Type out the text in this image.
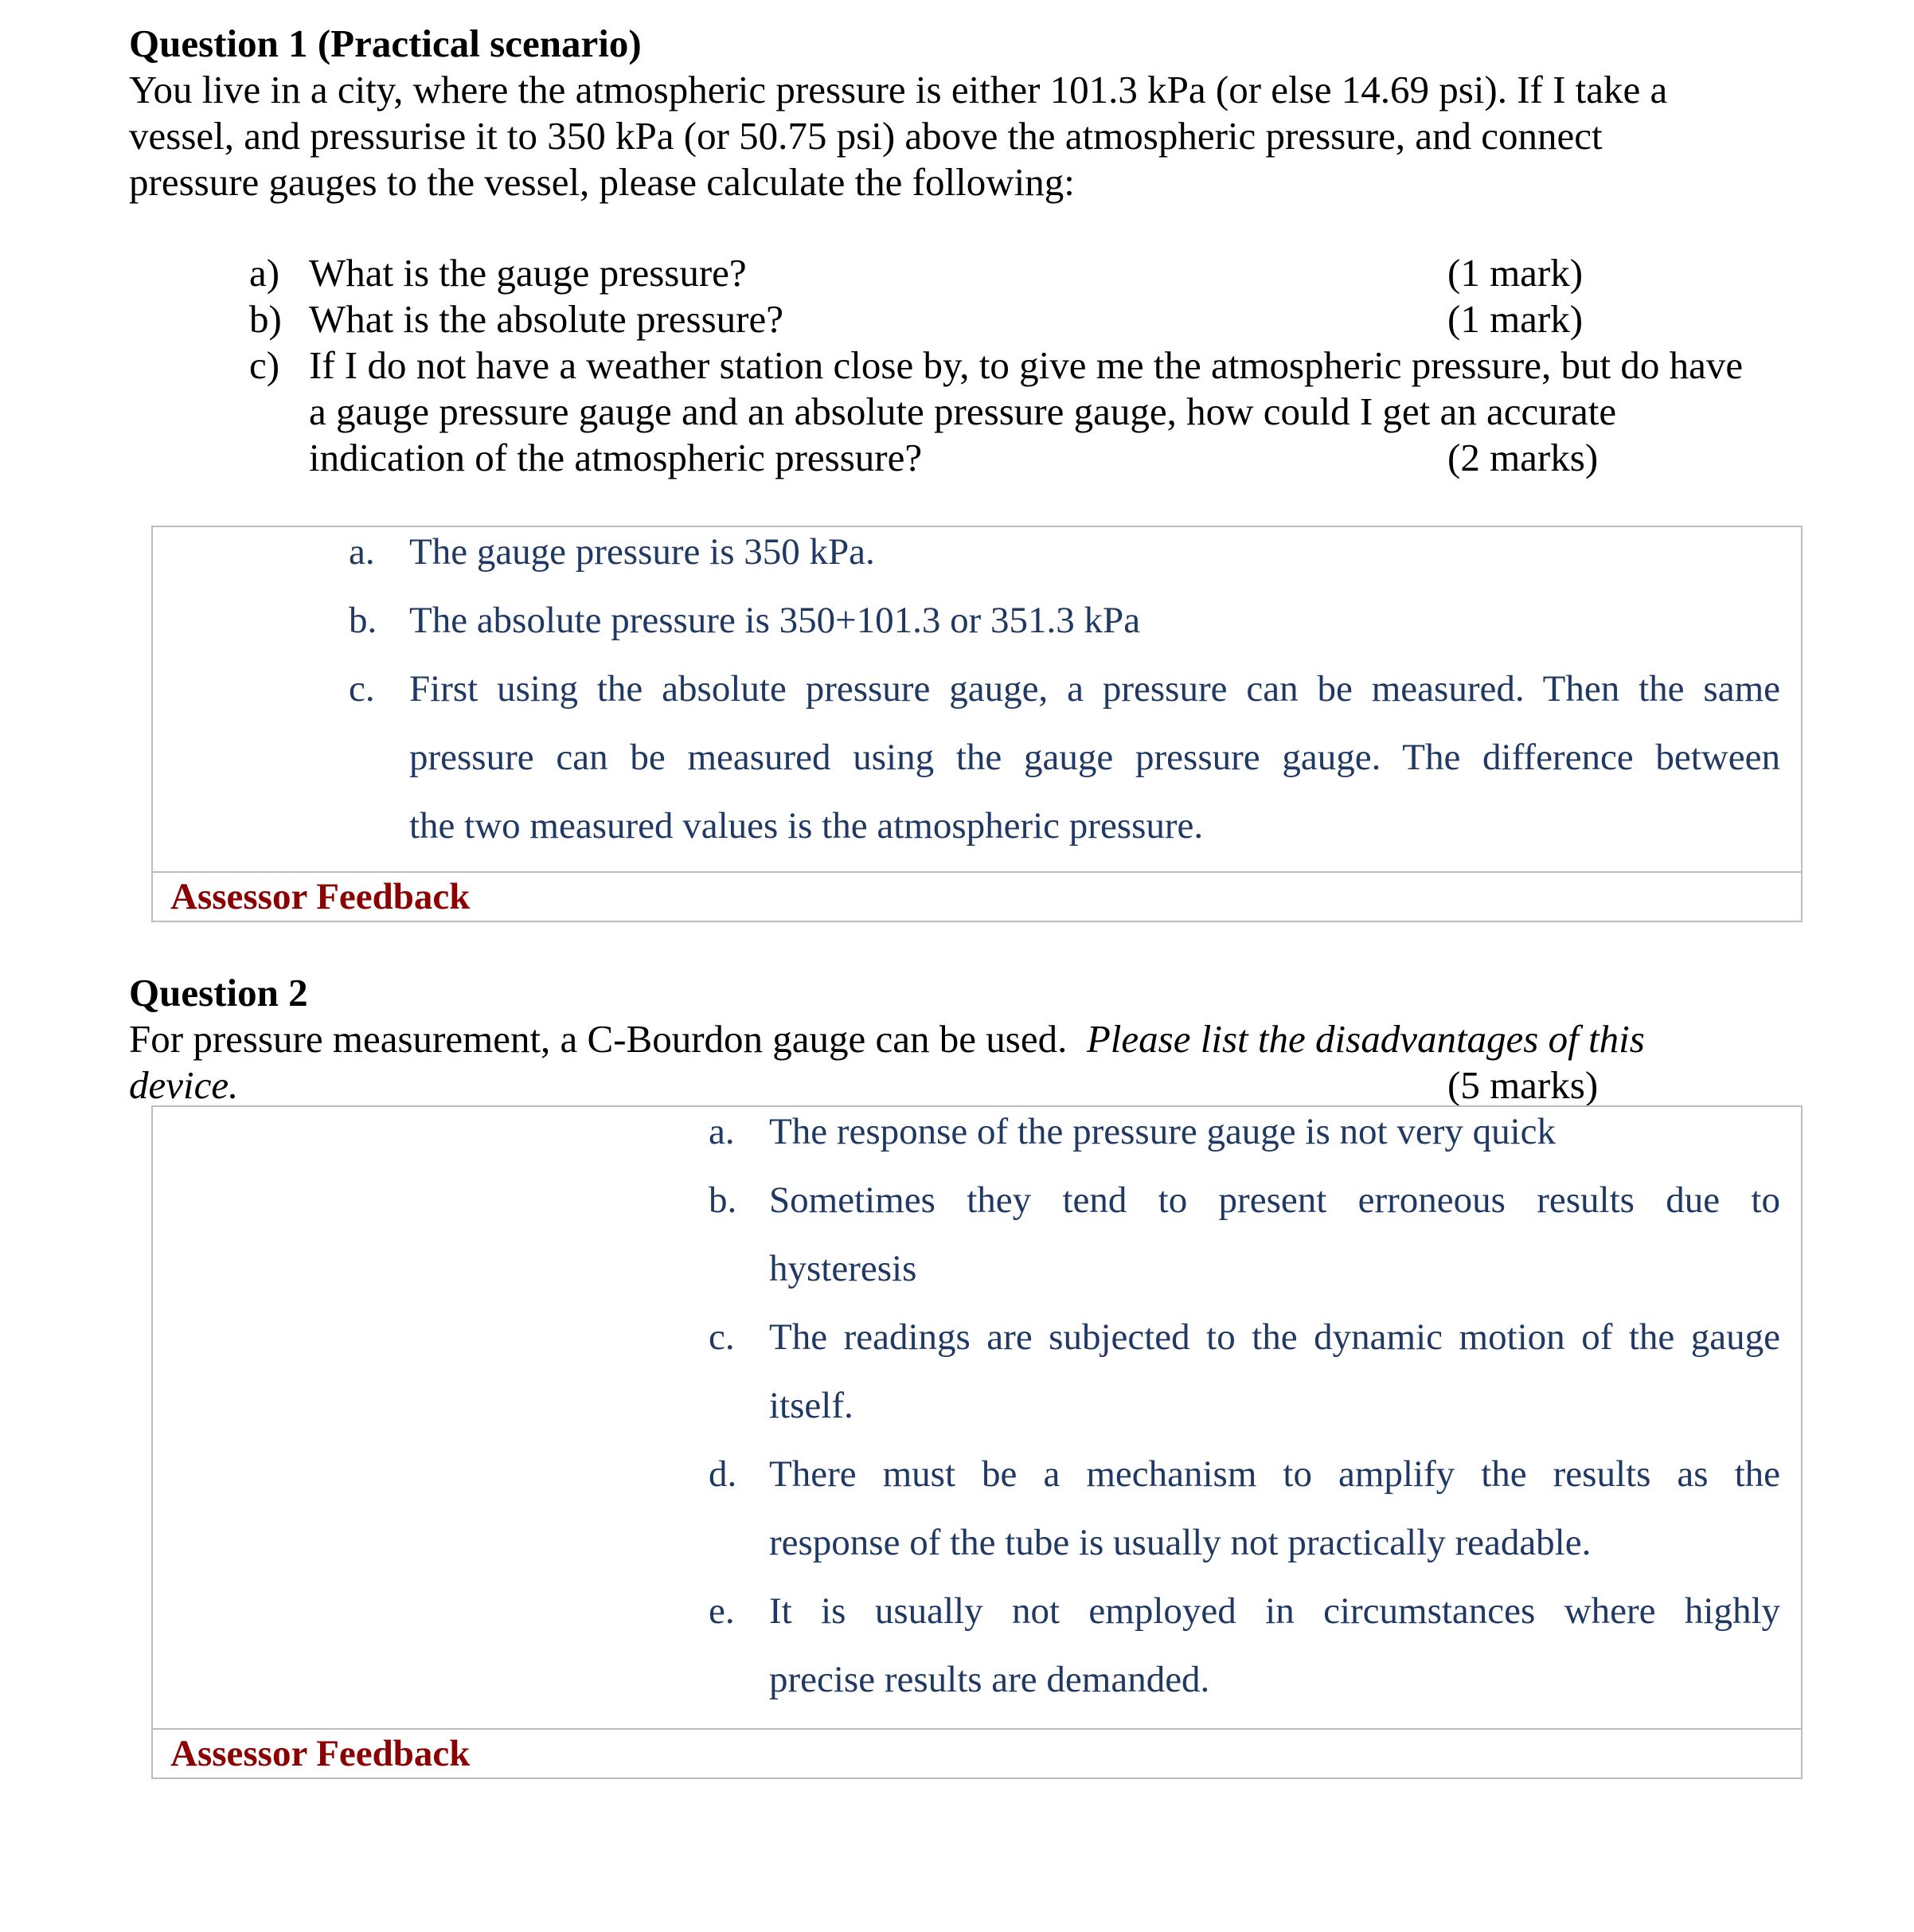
Question 1 (Practical scenario)
You live in a city, where the atmospheric pressure is either 101.3 kPa (or else 14.69 psi). If I take a
vessel, and pressurise it to 350 kPa (or 50.75 psi) above the atmospheric pressure, and connect
pressure gauges to the vessel, please calculate the following:
a) What is the gauge pressure?	(1 mark)
b) What is the absolute pressure?	(1 mark)
c) If I do not have a weather station close by, to give me the atmospheric pressure, but do have
a gauge pressure gauge and an absolute pressure gauge, how could I get an accurate
indication of the atmospheric pressure?	(2 marks)
a. The gauge pressure is 350 kPa.
b. The absolute pressure is 350+101.3 or 351.3 kPa
c. First using the absolute pressure gauge, a pressure can be measured. Then the same
pressure can be measured using the gauge pressure gauge. The difference between
the two measured values is the atmospheric pressure.
Assessor Feedback
Question 2
For pressure measurement, a C-Bourdon gauge can be used.  Please list the disadvantages of this
device.	(5 marks)
a. The response of the pressure gauge is not very quick
b. Sometimes they tend to present erroneous results due to
hysteresis
c. The readings are subjected to the dynamic motion of the gauge
itself.
d. There must be a mechanism to amplify the results as the
response of the tube is usually not practically readable.
e. It is usually not employed in circumstances where highly
precise results are demanded.
Assessor Feedback
